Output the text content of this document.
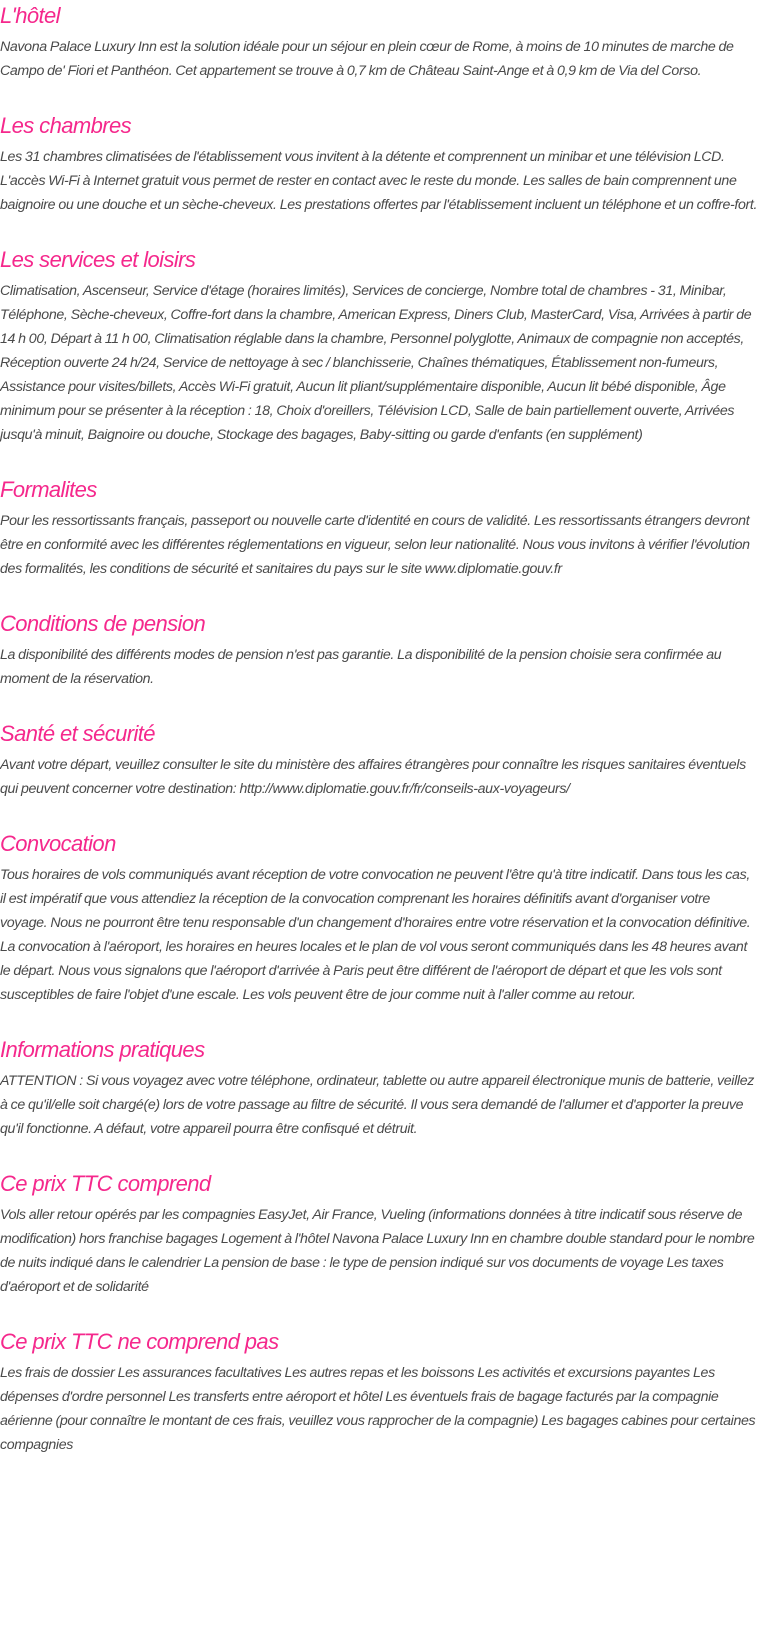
L'hôtel

Navona Palace Luxury Inn est la solution idéale pour un séjour en plein cœur de Rome, à moins de 10 minutes de marche de Campo de' Fiori et Panthéon. Cet appartement se trouve à 0,7 km de Château Saint-Ange et à 0,9 km de Via del Corso.

Les chambres

Les 31 chambres climatisées de l'établissement vous invitent à la détente et comprennent un minibar et une télévision LCD. L'accès Wi-Fi à Internet gratuit vous permet de rester en contact avec le reste du monde. Les salles de bain comprennent une baignoire ou une douche et un sèche-cheveux. Les prestations offertes par l'établissement incluent un téléphone et un coffre-fort.

Les services et loisirs

Climatisation, Ascenseur, Service d'étage (horaires limités), Services de concierge, Nombre total de chambres - 31, Minibar, Téléphone, Sèche-cheveux, Coffre-fort dans la chambre, American Express, Diners Club, MasterCard, Visa, Arrivées à partir de 14 h 00, Départ à 11 h 00, Climatisation réglable dans la chambre, Personnel polyglotte, Animaux de compagnie non acceptés, Réception ouverte 24 h/24, Service de nettoyage à sec / blanchisserie, Chaînes thématiques, Établissement non-fumeurs, Assistance pour visites/billets, Accès Wi-Fi gratuit, Aucun lit pliant/supplémentaire disponible, Aucun lit bébé disponible, Âge minimum pour se présenter à la réception : 18, Choix d'oreillers, Télévision LCD, Salle de bain partiellement ouverte, Arrivées jusqu'à minuit, Baignoire ou douche, Stockage des bagages, Baby-sitting ou garde d'enfants (en supplément)

Formalites

Pour les ressortissants français, passeport ou nouvelle carte d'identité en cours de validité. Les ressortissants étrangers devront être en conformité avec les différentes réglementations en vigueur, selon leur nationalité. Nous vous invitons à vérifier l'évolution des formalités, les conditions de sécurité et sanitaires du pays sur le site www.diplomatie.gouv.fr

Conditions de pension

La disponibilité des différents modes de pension n'est pas garantie. La disponibilité de la pension choisie sera confirmée au moment de la réservation.

Santé et sécurité

Avant votre départ, veuillez consulter le site du ministère des affaires étrangères pour connaître les risques sanitaires éventuels qui peuvent concerner votre destination: http://www.diplomatie.gouv.fr/fr/conseils-aux-voyageurs/

Convocation

Tous horaires de vols communiqués avant réception de votre convocation ne peuvent l'être qu'à titre indicatif. Dans tous les cas, il est impératif que vous attendiez la réception de la convocation comprenant les horaires définitifs avant d'organiser votre voyage. Nous ne pourront être tenu responsable d'un changement d'horaires entre votre réservation et la convocation définitive. La convocation à l'aéroport, les horaires en heures locales et le plan de vol vous seront communiqués dans les 48 heures avant le départ. Nous vous signalons que l'aéroport d'arrivée à Paris peut être différent de l'aéroport de départ et que les vols sont susceptibles de faire l'objet d'une escale. Les vols peuvent être de jour comme nuit à l'aller comme au retour.

Informations pratiques

ATTENTION : Si vous voyagez avec votre téléphone, ordinateur, tablette ou autre appareil électronique munis de batterie, veillez à ce qu'il/elle soit chargé(e) lors de votre passage au filtre de sécurité. Il vous sera demandé de l'allumer et d'apporter la preuve qu'il fonctionne. A défaut, votre appareil pourra être confisqué et détruit.

Ce prix TTC comprend

Vols aller retour opérés par les compagnies EasyJet, Air France, Vueling (informations données à titre indicatif sous réserve de modification) hors franchise bagages Logement à l'hôtel Navona Palace Luxury Inn en chambre double standard pour le nombre de nuits indiqué dans le calendrier La pension de base : le type de pension indiqué sur vos documents de voyage Les taxes d'aéroport et de solidarité

Ce prix TTC ne comprend pas

Les frais de dossier Les assurances facultatives Les autres repas et les boissons Les activités et excursions payantes Les dépenses d'ordre personnel Les transferts entre aéroport et hôtel Les éventuels frais de bagage facturés par la compagnie aérienne (pour connaître le montant de ces frais, veuillez vous rapprocher de la compagnie) Les bagages cabines pour certaines compagnies
